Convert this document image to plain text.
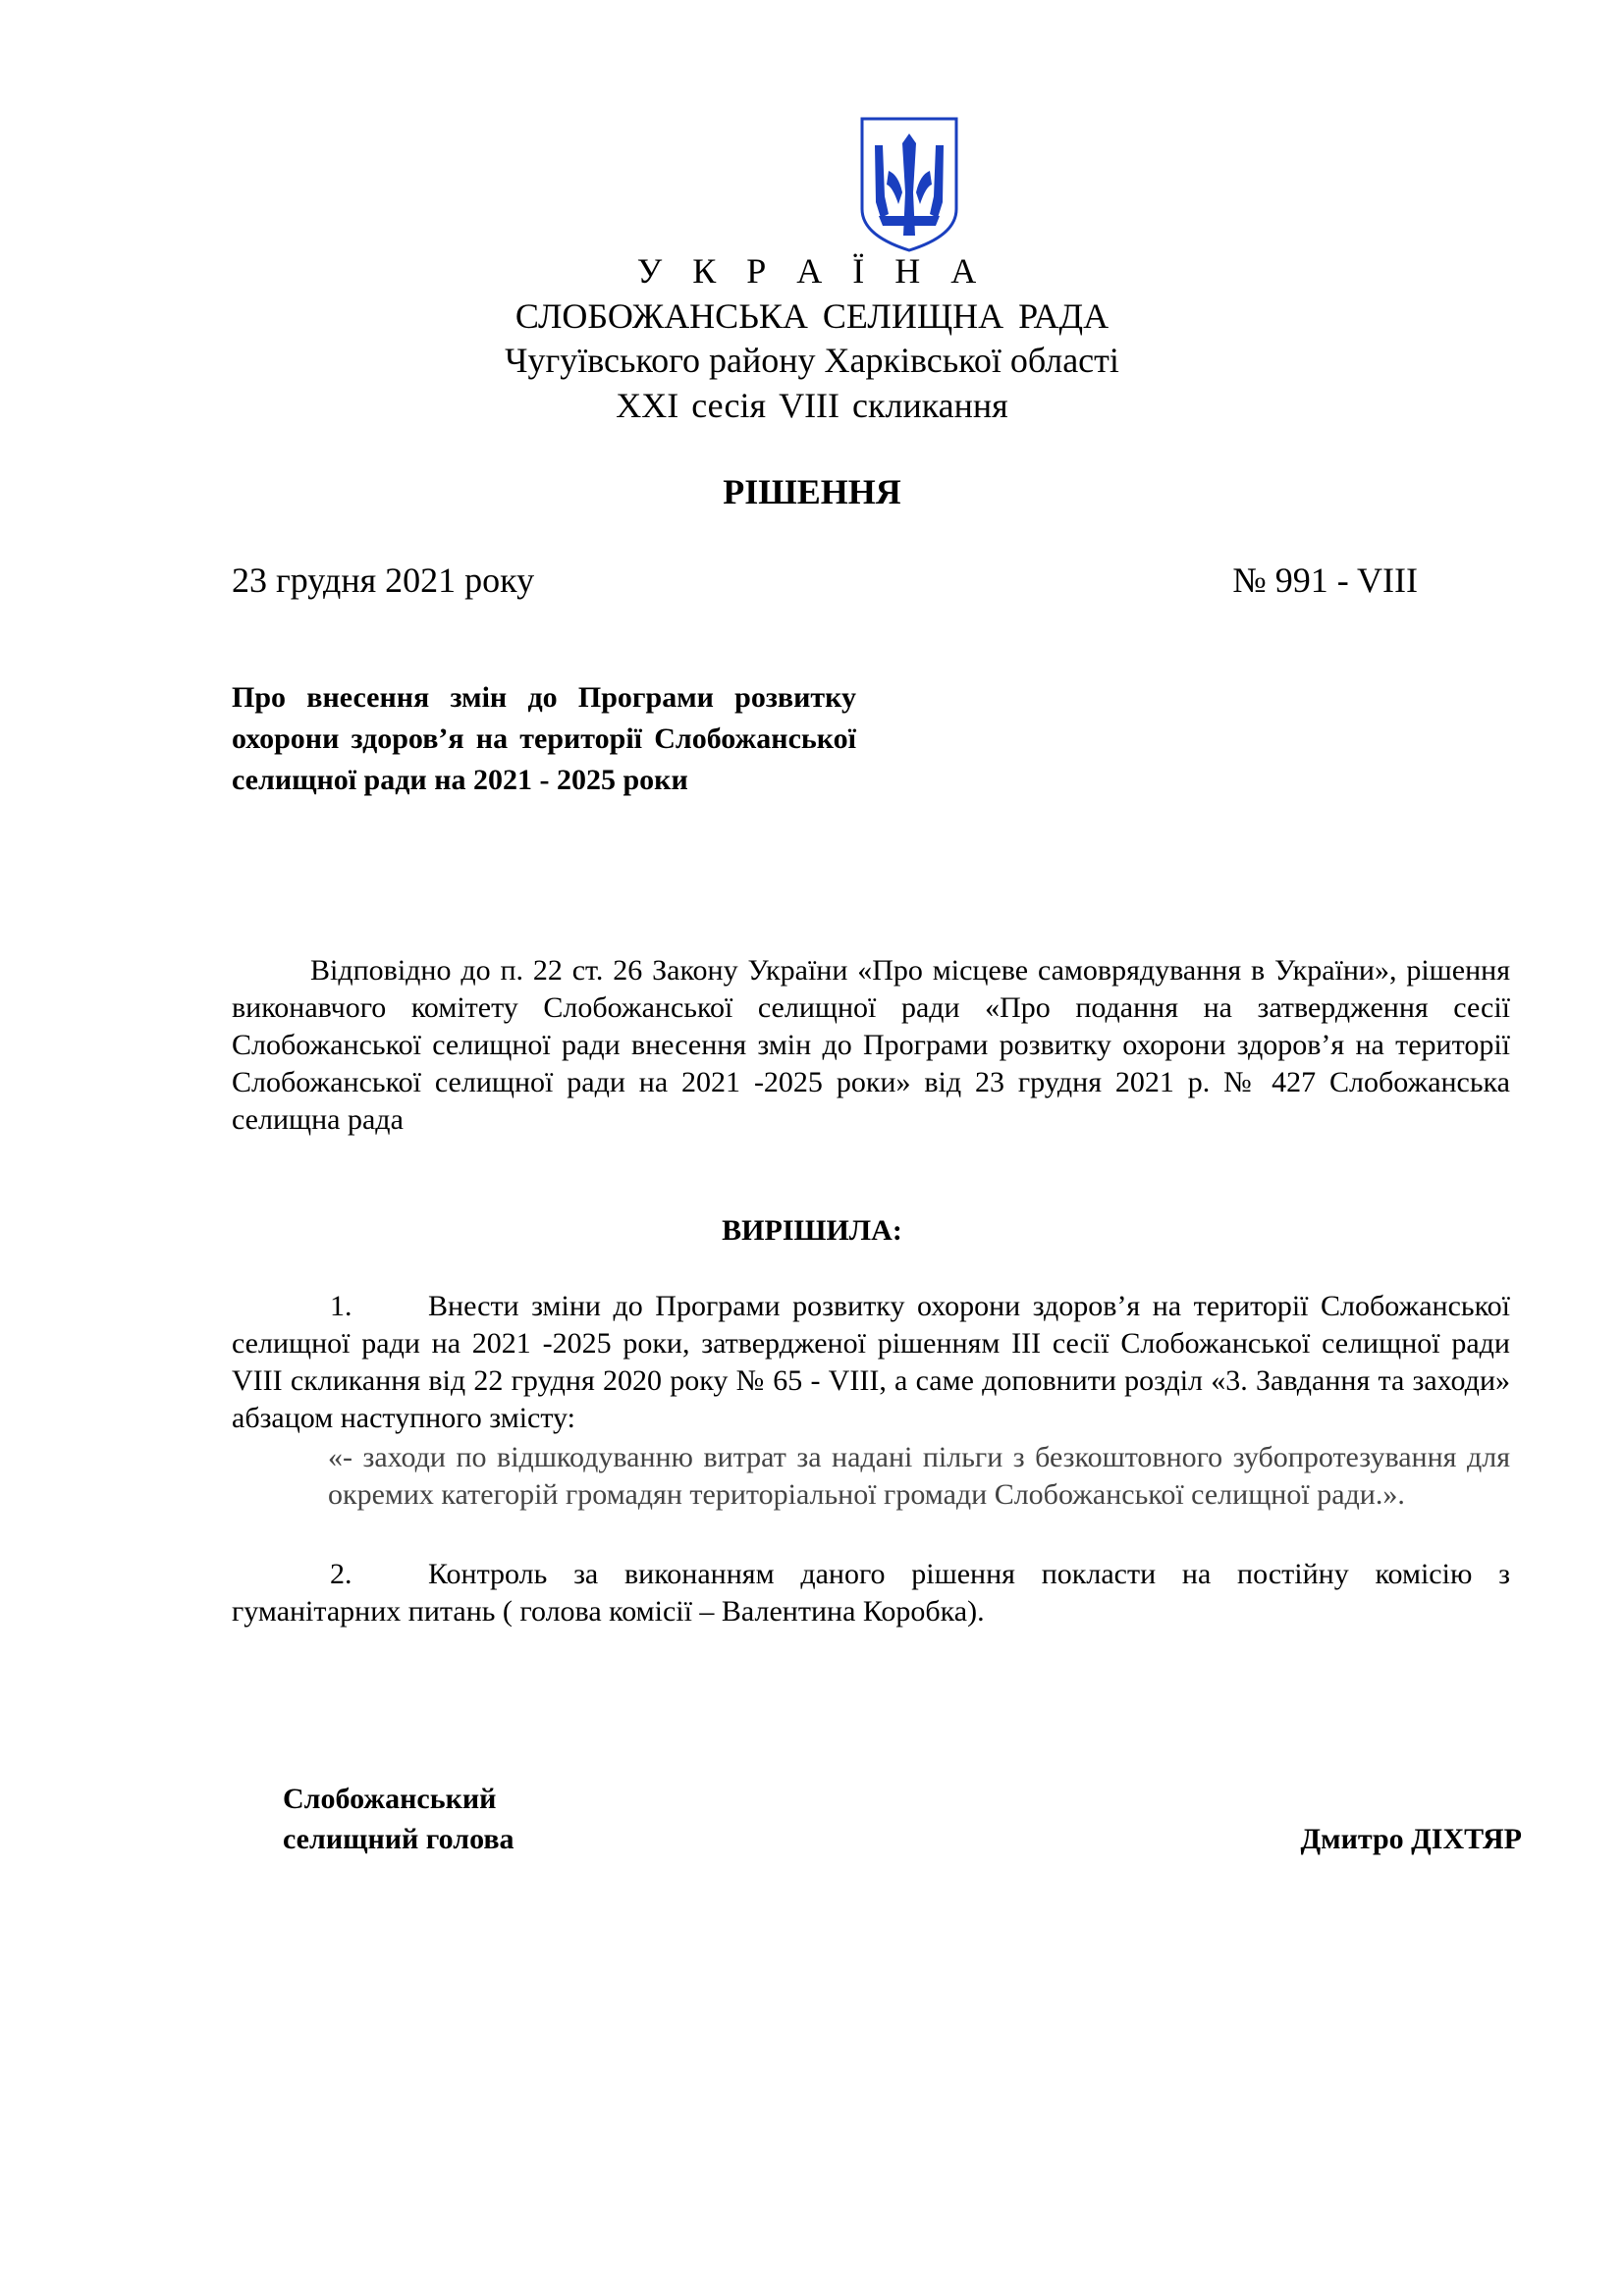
У К Р А Ї Н А
СЛОБОЖАНСЬКА СЕЛИЩНА РАДА
Чугуївського району Харківської області
XXI сесія VIII скликання
РІШЕННЯ
23 грудня 2021 року	№ 991 - VIII
Про внесення змін до Програми розвитку охорони здоров’я на території Слобожанської селищної ради на 2021 - 2025 роки
Відповідно до п. 22 ст. 26 Закону України «Про місцеве самоврядування в України», рішення виконавчого комітету Слобожанської селищної ради «Про подання на затвердження сесії Слобожанської селищної ради внесення змін до Програми розвитку охорони здоров’я на території Слобожанської селищної ради на 2021 -2025 роки» від 23 грудня 2021 р. № 427 Слобожанська селищна рада
ВИРІШИЛА:
1.	Внести зміни до Програми розвитку охорони здоров’я на території Слобожанської селищної ради на 2021 -2025 роки, затвердженої рішенням ІІІ сесії Слобожанської селищної ради VIII скликання від 22 грудня 2020 року № 65 - VIII, а саме доповнити розділ «3. Завдання та заходи» абзацом наступного змісту:
«- заходи по відшкодуванню витрат за надані пільги з безкоштовного зубопротезування для окремих категорій громадян територіальної громади Слобожанської селищної ради.».
2.	Контроль за виконанням даного рішення покласти на постійну комісію з гуманітарних питань ( голова комісії – Валентина Коробка).
Слобожанський
селищний голова	Дмитро ДІХТЯР
